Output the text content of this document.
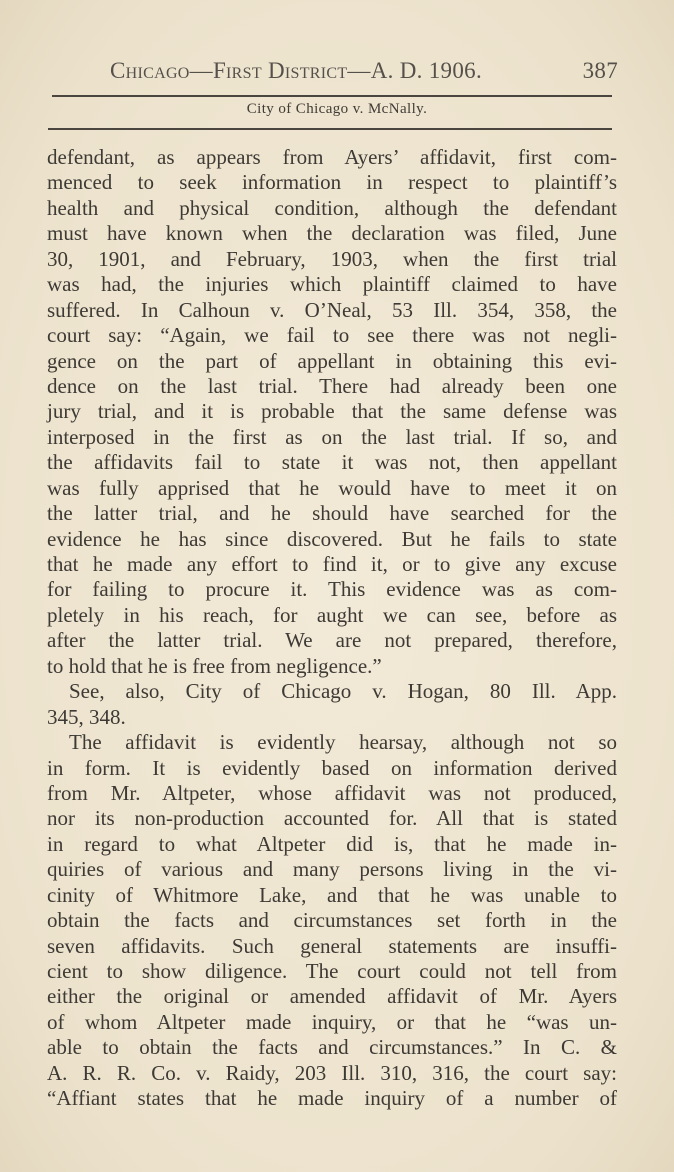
Chicago—First District—A. D. 1906.	387
City of Chicago v. McNally.
defendant, as appears from Ayers’ affidavit, first com-
menced to seek information in respect to plaintiff’s
health and physical condition, although the defendant
must have known when the declaration was filed, June
30, 1901, and February, 1903, when the first trial
was had, the injuries which plaintiff claimed to have
suffered. In Calhoun v. O’Neal, 53 Ill. 354, 358, the
court say: “Again, we fail to see there was not negli-
gence on the part of appellant in obtaining this evi-
dence on the last trial. There had already been one
jury trial, and it is probable that the same defense was
interposed in the first as on the last trial. If so, and
the affidavits fail to state it was not, then appellant
was fully apprised that he would have to meet it on
the latter trial, and he should have searched for the
evidence he has since discovered. But he fails to state
that he made any effort to find it, or to give any excuse
for failing to procure it. This evidence was as com-
pletely in his reach, for aught we can see, before as
after the latter trial. We are not prepared, therefore,
to hold that he is free from negligence.”
See, also, City of Chicago v. Hogan, 80 Ill. App.
345, 348.
The affidavit is evidently hearsay, although not so
in form. It is evidently based on information derived
from Mr. Altpeter, whose affidavit was not produced,
nor its non-production accounted for. All that is stated
in regard to what Altpeter did is, that he made in-
quiries of various and many persons living in the vi-
cinity of Whitmore Lake, and that he was unable to
obtain the facts and circumstances set forth in the
seven affidavits. Such general statements are insuffi-
cient to show diligence. The court could not tell from
either the original or amended affidavit of Mr. Ayers
of whom Altpeter made inquiry, or that he “was un-
able to obtain the facts and circumstances.” In C. &
A. R. R. Co. v. Raidy, 203 Ill. 310, 316, the court say:
“Affiant states that he made inquiry of a number of
